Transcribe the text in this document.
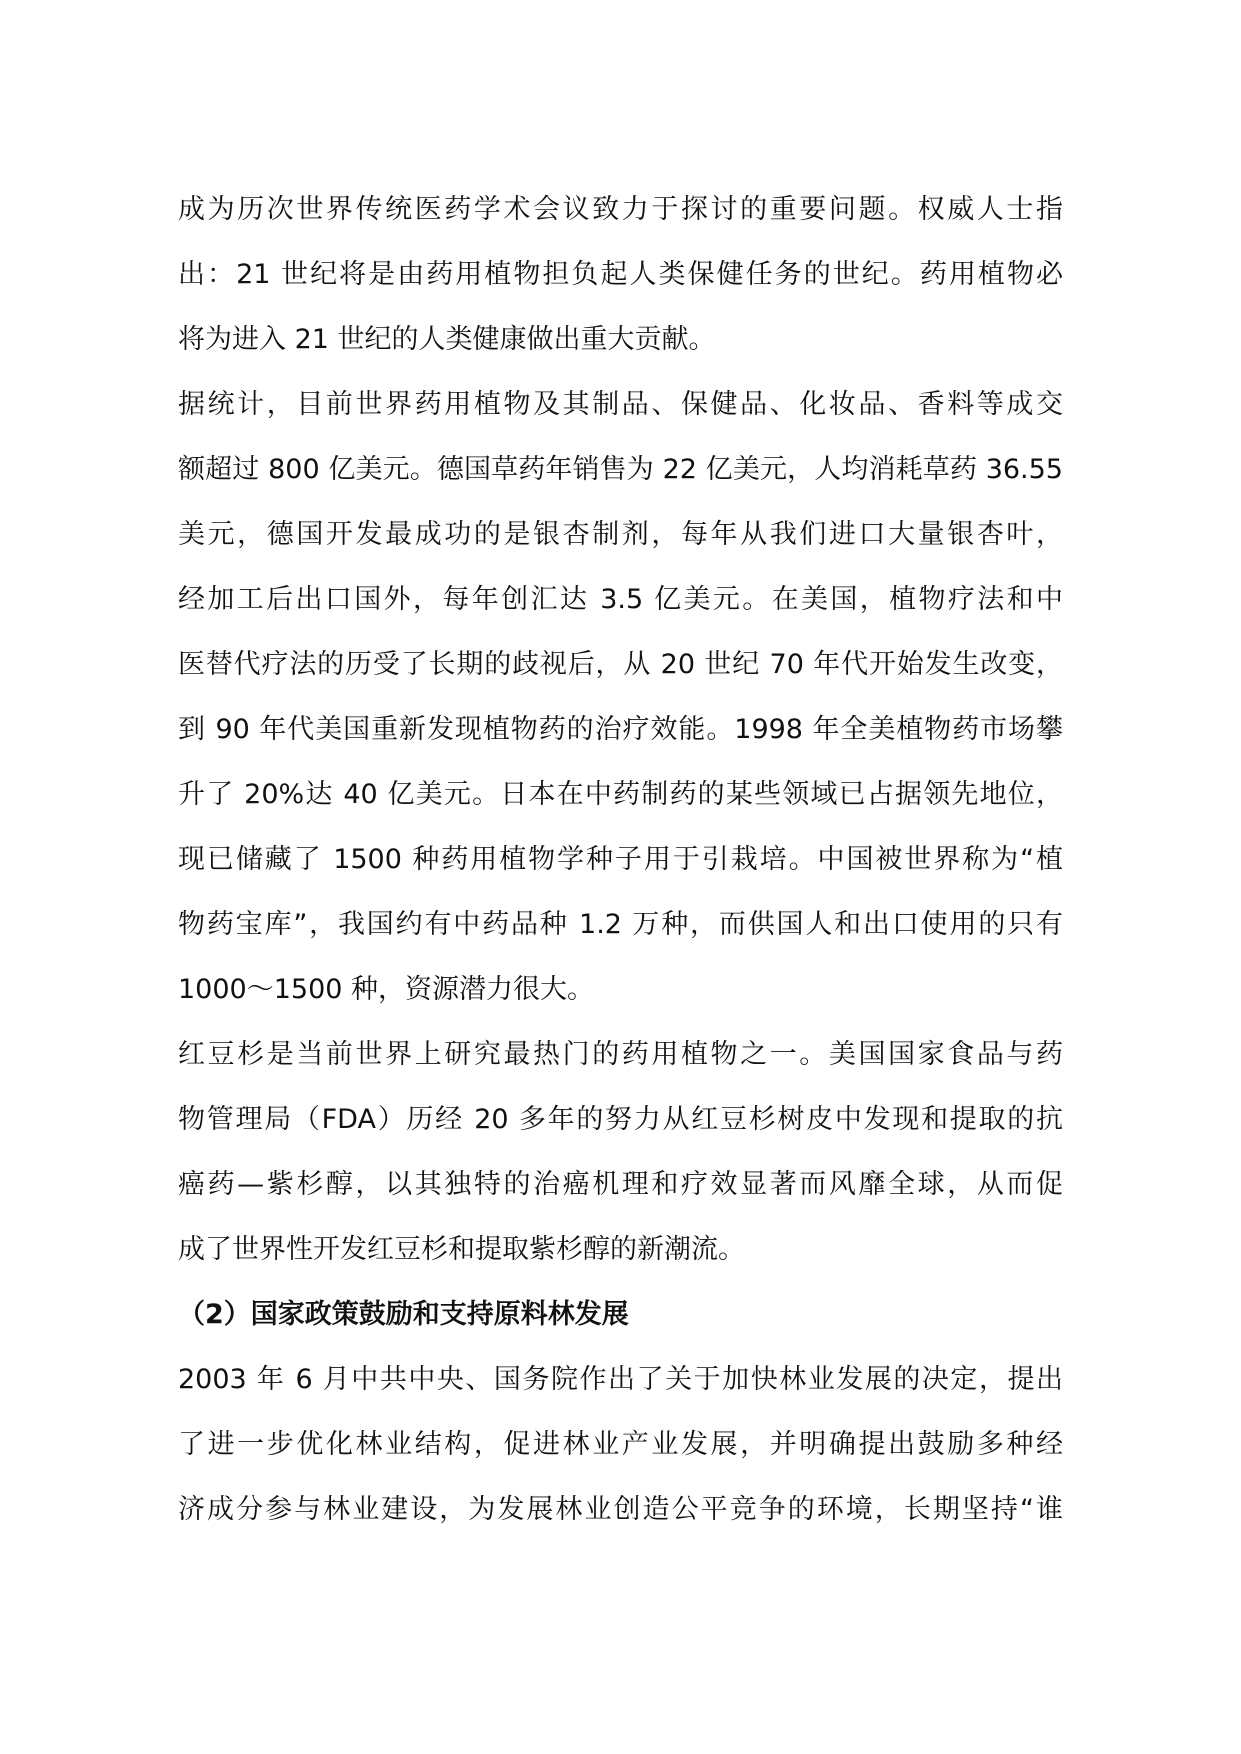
成为历次世界传统医药学术会议致力于探讨的重要问题。权威人士指
出：21 世纪将是由药用植物担负起人类保健任务的世纪。药用植物必
将为进入 21 世纪的人类健康做出重大贡献。
据统计，目前世界药用植物及其制品、保健品、化妆品、香料等成交
额超过 800 亿美元。德国草药年销售为 22 亿美元，人均消耗草药 36.55
美元，德国开发最成功的是银杏制剂，每年从我们进口大量银杏叶，
经加工后出口国外，每年创汇达 3.5 亿美元。在美国，植物疗法和中
医替代疗法的历受了长期的歧视后，从 20 世纪 70 年代开始发生改变，
到 90 年代美国重新发现植物药的治疗效能。1998 年全美植物药市场攀
升了 20%达 40 亿美元。日本在中药制药的某些领域已占据领先地位，
现已储藏了 1500 种药用植物学种子用于引栽培。中国被世界称为“植
物药宝库”，我国约有中药品种 1.2 万种，而供国人和出口使用的只有
1000～1500 种，资源潜力很大。
红豆杉是当前世界上研究最热门的药用植物之一。美国国家食品与药
物管理局（FDA）历经 20 多年的努力从红豆杉树皮中发现和提取的抗
癌药—紫杉醇，以其独特的治癌机理和疗效显著而风靡全球，从而促
成了世界性开发红豆杉和提取紫杉醇的新潮流。
（2）国家政策鼓励和支持原料林发展
2003 年 6 月中共中央、国务院作出了关于加快林业发展的决定，提出
了进一步优化林业结构，促进林业产业发展，并明确提出鼓励多种经
济成分参与林业建设，为发展林业创造公平竞争的环境，长期坚持“谁
